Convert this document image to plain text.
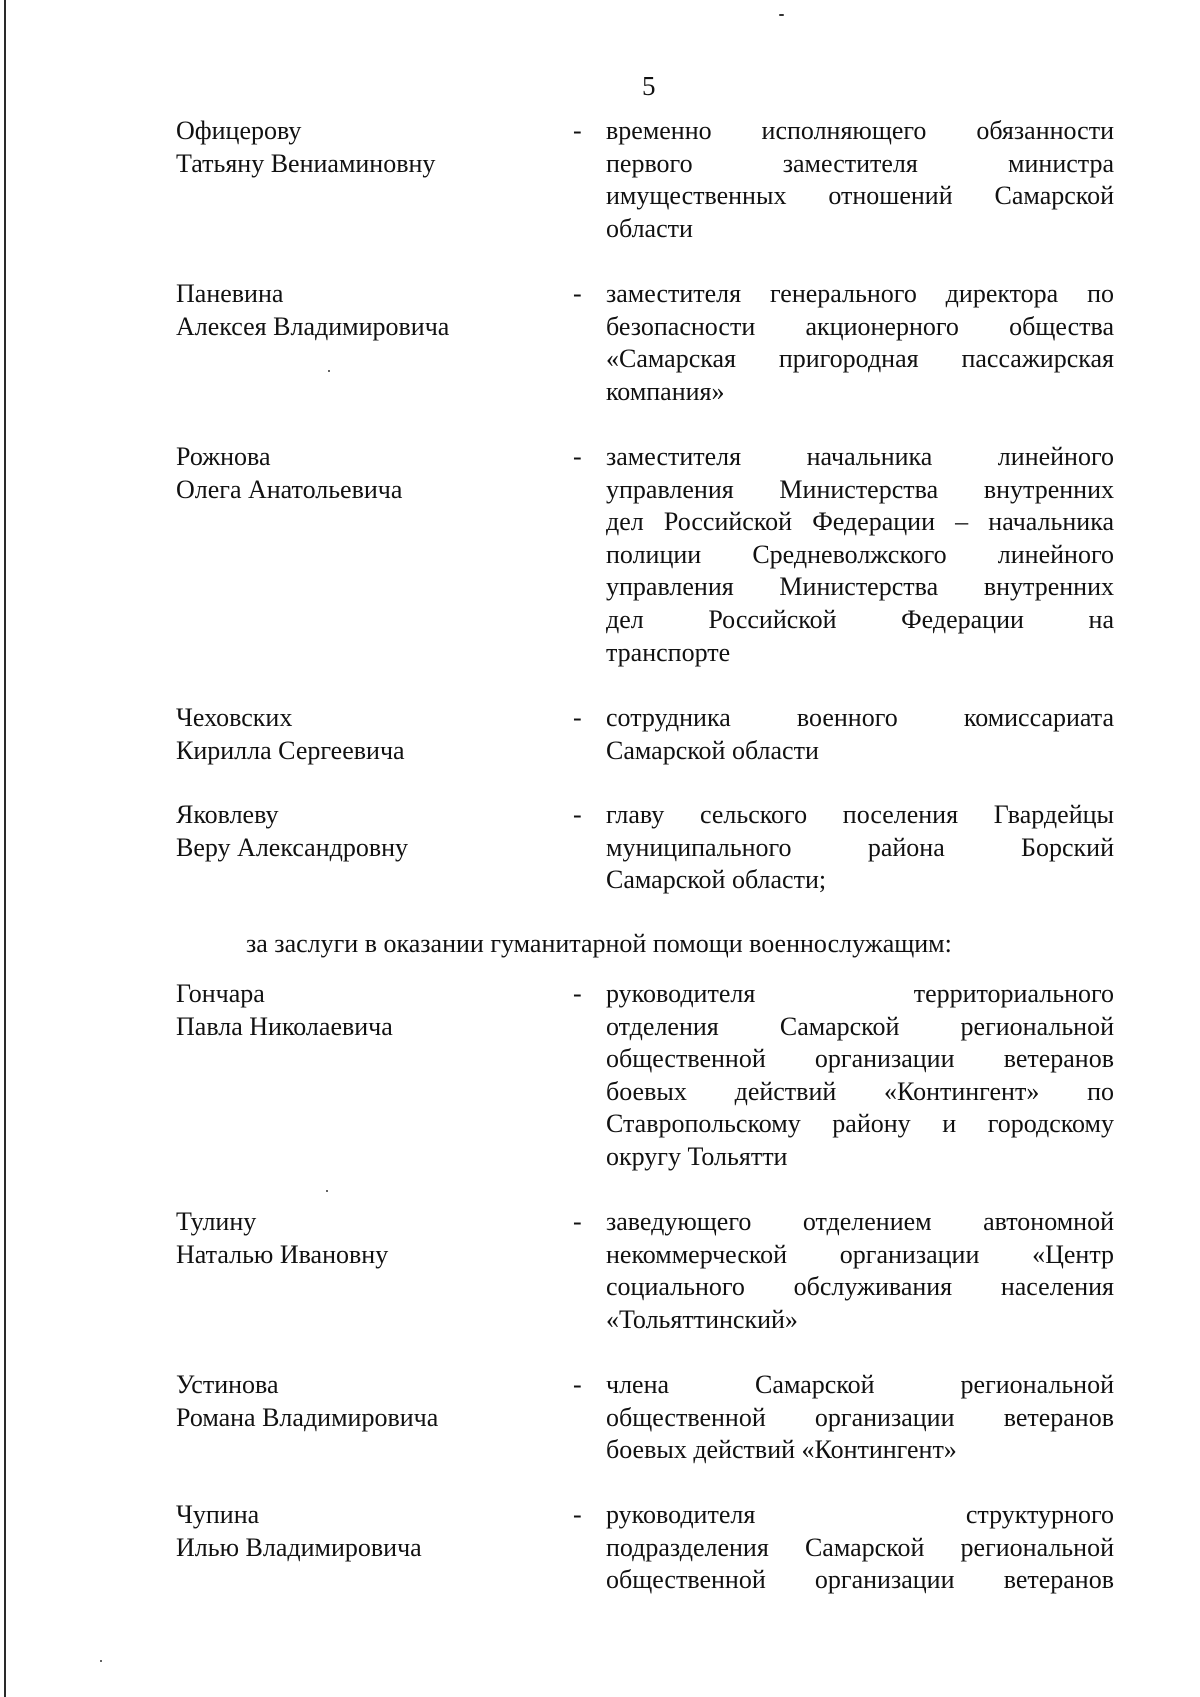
5
Офицерову
Татьяну Вениаминовну
- временно исполняющего обязанности
первого заместителя министра
имущественных отношений Самарской
области
Паневина
Алексея Владимировича
- заместителя генерального директора по
безопасности акционерного общества
«Самарская пригородная пассажирская
компания»
Рожнова
Олега Анатольевича
- заместителя начальника линейного
управления Министерства внутренних
дел Российской Федерации – начальника
полиции Средневолжского линейного
управления Министерства внутренних
дел Российской Федерации на
транспорте
Чеховских
Кирилла Сергеевича
- сотрудника военного комиссариата
Самарской области
Яковлеву
Веру Александровну
- главу сельского поселения Гвардейцы
муниципального района Борский
Самарской области;
за заслуги в оказании гуманитарной помощи военнослужащим:
Гончара
Павла Николаевича
- руководителя территориального
отделения Самарской региональной
общественной организации ветеранов
боевых действий «Контингент» по
Ставропольскому району и городскому
округу Тольятти
Тулину
Наталью Ивановну
- заведующего отделением автономной
некоммерческой организации «Центр
социального обслуживания населения
«Тольяттинский»
Устинова
Романа Владимировича
- члена Самарской региональной
общественной организации ветеранов
боевых действий «Контингент»
Чупина
Илью Владимировича
- руководителя структурного
подразделения Самарской региональной
общественной организации ветеранов
